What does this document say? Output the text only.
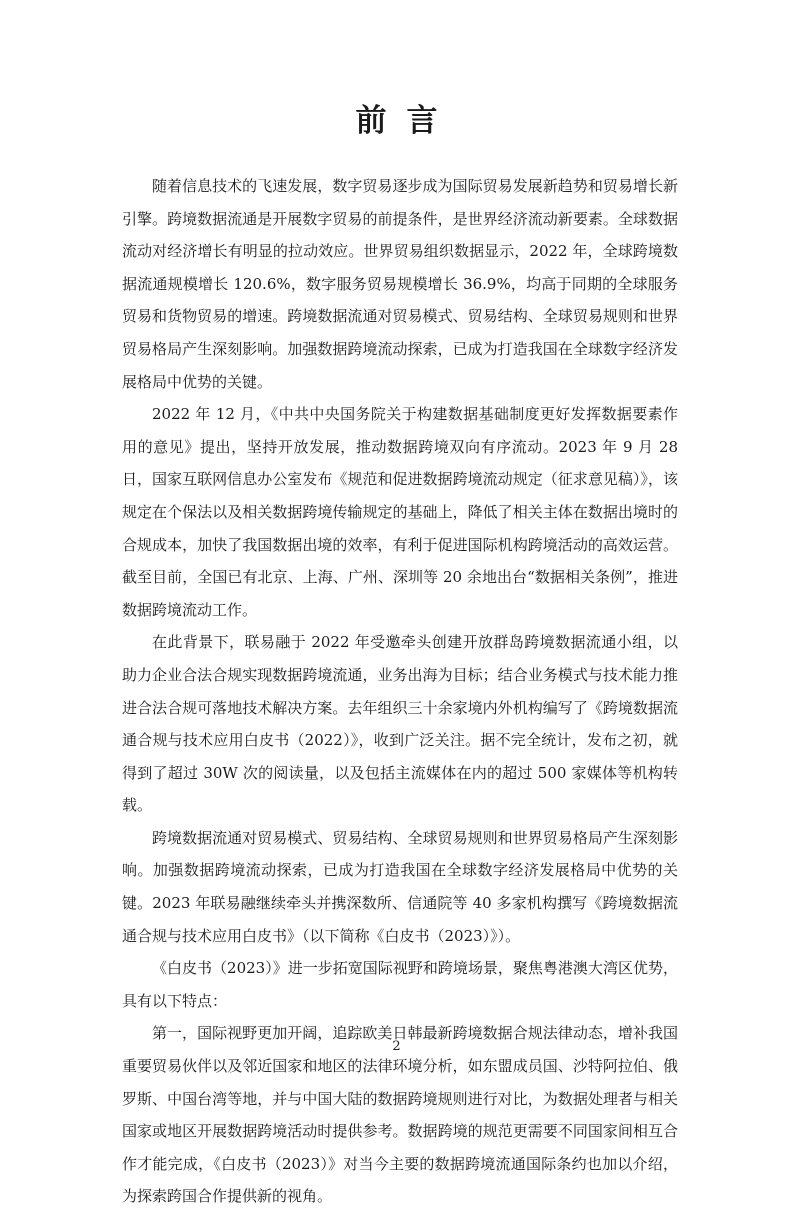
前言

随着信息技术的飞速发展，数字贸易逐步成为国际贸易发展新趋势和贸易增长新引擎。跨境数据流通是开展数字贸易的前提条件，是世界经济流动新要素。全球数据流动对经济增长有明显的拉动效应。世界贸易组织数据显示，2022 年，全球跨境数据流通规模增长 120.6%，数字服务贸易规模增长 36.9%，均高于同期的全球服务贸易和货物贸易的增速。跨境数据流通对贸易模式、贸易结构、全球贸易规则和世界贸易格局产生深刻影响。加强数据跨境流动探索，已成为打造我国在全球数字经济发展格局中优势的关键。

2022 年 12 月，《中共中央国务院关于构建数据基础制度更好发挥数据要素作用的意见》提出，坚持开放发展，推动数据跨境双向有序流动。2023 年 9 月 28 日，国家互联网信息办公室发布《规范和促进数据跨境流动规定（征求意见稿）》，该规定在个保法以及相关数据跨境传输规定的基础上，降低了相关主体在数据出境时的合规成本，加快了我国数据出境的效率，有利于促进国际机构跨境活动的高效运营。截至目前，全国已有北京、上海、广州、深圳等 20 余地出台“数据相关条例”，推进数据跨境流动工作。

在此背景下，联易融于 2022 年受邀牵头创建开放群岛跨境数据流通小组，以助力企业合法合规实现数据跨境流通，业务出海为目标；结合业务模式与技术能力推进合法合规可落地技术解决方案。去年组织三十余家境内外机构编写了《跨境数据流通合规与技术应用白皮书（2022）》，收到广泛关注。据不完全统计，发布之初，就得到了超过 30W 次的阅读量，以及包括主流媒体在内的超过 500 家媒体等机构转载。

跨境数据流通对贸易模式、贸易结构、全球贸易规则和世界贸易格局产生深刻影响。加强数据跨境流动探索，已成为打造我国在全球数字经济发展格局中优势的关键。2023 年联易融继续牵头并携深数所、信通院等 40 多家机构撰写《跨境数据流通合规与技术应用白皮书》（以下简称《白皮书（2023）》）。

《白皮书（2023）》进一步拓宽国际视野和跨境场景，聚焦粤港澳大湾区优势，具有以下特点：

第一，国际视野更加开阔，追踪欧美日韩最新跨境数据合规法律动态，增补我国重要贸易伙伴以及邻近国家和地区的法律环境分析，如东盟成员国、沙特阿拉伯、俄罗斯、中国台湾等地，并与中国大陆的数据跨境规则进行对比，为数据处理者与相关国家或地区开展数据跨境活动时提供参考。数据跨境的规范更需要不同国家间相互合作才能完成，《白皮书（2023）》对当今主要的数据跨境流通国际条约也加以介绍，为探索跨国合作提供新的视角。

2
